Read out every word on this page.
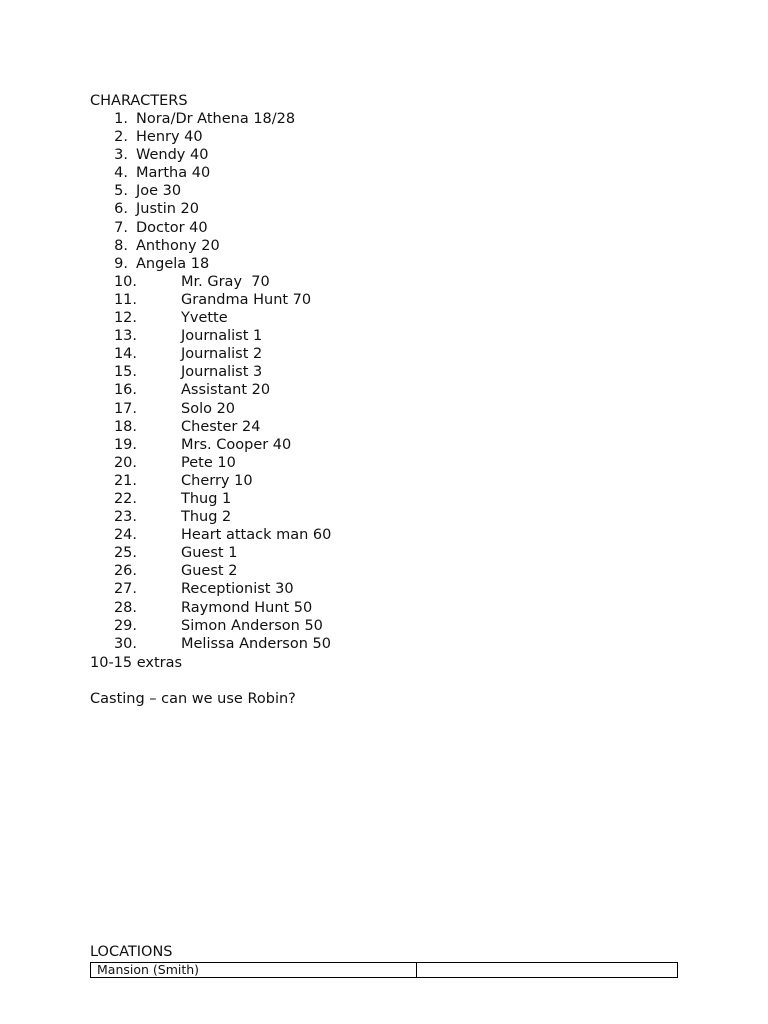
CHARACTERS
1. Nora/Dr Athena 18/28
2. Henry 40
3. Wendy 40
4. Martha 40
5. Joe 30
6. Justin 20
7. Doctor 40
8. Anthony 20
9. Angela 18
10.	Mr. Gray  70
11.	Grandma Hunt 70
12.	Yvette
13.	Journalist 1
14.	Journalist 2
15.	Journalist 3
16.	Assistant 20
17.	Solo 20
18.	Chester 24
19.	Mrs. Cooper 40
20.	Pete 10
21.	Cherry 10
22.	Thug 1
23.	Thug 2
24.	Heart attack man 60
25.	Guest 1
26.	Guest 2
27.	Receptionist 30
28.	Raymond Hunt 50
29.	Simon Anderson 50
30.	Melissa Anderson 50
10-15 extras
Casting – can we use Robin?
LOCATIONS
Mansion (Smith)	
